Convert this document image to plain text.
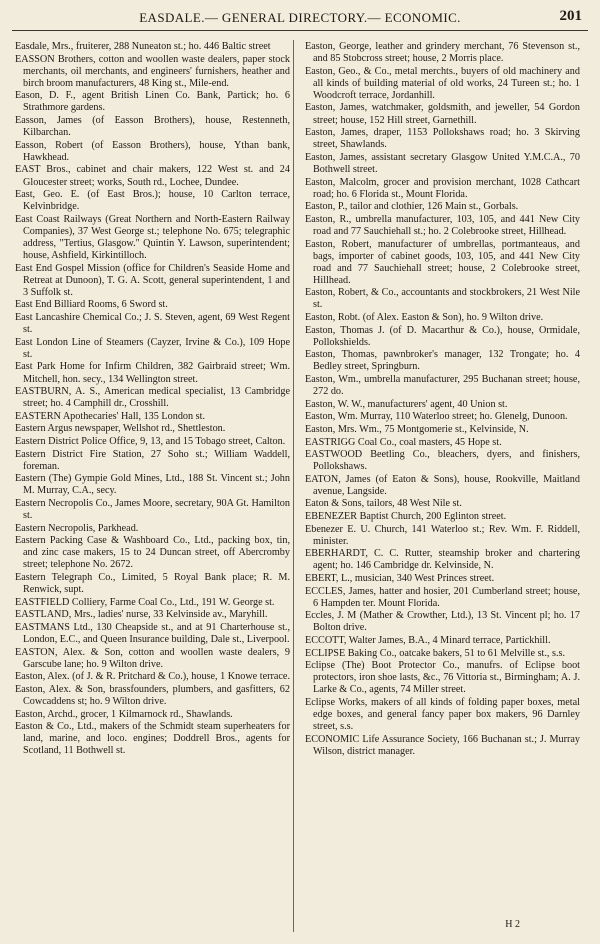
EASDALE.— GENERAL DIRECTORY.— ECONOMIC.	201
Easdale, Mrs., fruiterer, 288 Nuneaton st.; ho. 446 Baltic street
EASSON Brothers, cotton and woollen waste dealers, paper stock merchants, oil merchants, and engineers' furnishers, heather and birch broom manufacturers, 48 King st., Mile-end.
Eason, D. F., agent British Linen Co. Bank, Partick; ho. 6 Strathmore gardens.
Easson, James (of Easson Brothers), house, Restenneth, Kilbarchan.
Easson, Robert (of Easson Brothers), house, Ythan bank, Hawkhead.
EAST Bros., cabinet and chair makers, 122 West st. and 24 Gloucester street; works, South rd., Lochee, Dundee.
East, Geo. E. (of East Bros.); house, 10 Carlton terrace, Kelvinbridge.
East Coast Railways (Great Northern and North-Eastern Railway Companies), 37 West George st.; telephone No. 675; telegraphic address, "Tertius, Glasgow." Quintin Y. Lawson, superintendent; house, Ashfield, Kirkintilloch.
East End Gospel Mission (office for Children's Seaside Home and Retreat at Dunoon), T. G. A. Scott, general superintendent, 1 and 3 Suffolk st.
East End Billiard Rooms, 6 Sword st.
East Lancashire Chemical Co.; J. S. Steven, agent, 69 West Regent st.
East London Line of Steamers (Cayzer, Irvine & Co.), 109 Hope st.
East Park Home for Infirm Children, 382 Gairbraid street; Wm. Mitchell, hon. secy., 134 Wellington street.
EASTBURN, A. S., American medical specialist, 13 Cambridge street; ho. 4 Camphill dr., Crosshill.
EASTERN Apothecaries' Hall, 135 London st.
Eastern Argus newspaper, Wellshot rd., Shettleston.
Eastern District Police Office, 9, 13, and 15 Tobago street, Calton.
Eastern District Fire Station, 27 Soho st.; William Waddell, foreman.
Eastern (The) Gympie Gold Mines, Ltd., 188 St. Vincent st.; John M. Murray, C.A., secy.
Eastern Necropolis Co., James Moore, secretary, 90A Gt. Hamilton st.
Eastern Necropolis, Parkhead.
Eastern Packing Case & Washboard Co., Ltd., packing box, tin, and zinc case makers, 15 to 24 Duncan street, off Abercromby street; telephone No. 2672.
Eastern Telegraph Co., Limited, 5 Royal Bank place; R. M. Renwick, supt.
EASTFIELD Colliery, Farme Coal Co., Ltd., 191 W. George st.
EASTLAND, Mrs., ladies' nurse, 33 Kelvinside av., Maryhill.
EASTMANS Ltd., 130 Cheapside st., and at 91 Charterhouse st., London, E.C., and Queen Insurance building, Dale st., Liverpool.
EASTON, Alex. & Son, cotton and woollen waste dealers, 9 Garscube lane; ho. 9 Wilton drive.
Easton, Alex. (of J. & R. Pritchard & Co.), house, 1 Knowe terrace.
Easton, Alex. & Son, brassfounders, plumbers, and gasfitters, 62 Cowcaddens st; ho. 9 Wilton drive.
Easton, Archd., grocer, 1 Kilmarnock rd., Shawlands.
Easton & Co., Ltd., makers of the Schmidt steam superheaters for land, marine, and loco. engines; Doddrell Bros., agents for Scotland, 11 Bothwell st.
Easton, George, leather and grindery merchant, 76 Stevenson st., and 85 Stobcross street; house, 2 Morris place.
Easton, Geo., & Co., metal merchts., buyers of old machinery and all kinds of building material of old works, 24 Tureen st.; ho. 1 Woodcroft terrace, Jordanhill.
Easton, James, watchmaker, goldsmith, and jeweller, 54 Gordon street; house, 152 Hill street, Garnethill.
Easton, James, draper, 1153 Pollokshaws road; ho. 3 Skirving street, Shawlands.
Easton, James, assistant secretary Glasgow United Y.M.C.A., 70 Bothwell street.
Easton, Malcolm, grocer and provision merchant, 1028 Cathcart road; ho. 6 Florida st., Mount Florida.
Easton, P., tailor and clothier, 126 Main st., Gorbals.
Easton, R., umbrella manufacturer, 103, 105, and 441 New City road and 77 Sauchiehall st.; ho. 2 Colebrooke street, Hillhead.
Easton, Robert, manufacturer of umbrellas, portmanteaus, and bags, importer of cabinet goods, 103, 105, and 441 New City road and 77 Sauchiehall street; house, 2 Colebrooke street, Hillhead.
Easton, Robert, & Co., accountants and stockbrokers, 21 West Nile st.
Easton, Robt. (of Alex. Easton & Son), ho. 9 Wilton drive.
Easton, Thomas J. (of D. Macarthur & Co.), house, Ormidale, Pollokshields.
Easton, Thomas, pawnbroker's manager, 132 Trongate; ho. 4 Bedley street, Springburn.
Easton, Wm., umbrella manufacturer, 295 Buchanan street; house, 272 do.
Easton, W. W., manufacturers' agent, 40 Union st.
Easton, Wm. Murray, 110 Waterloo street; ho. Glenelg, Dunoon.
Easton, Mrs. Wm., 75 Montgomerie st., Kelvinside, N.
EASTRIGG Coal Co., coal masters, 45 Hope st.
EASTWOOD Beetling Co., bleachers, dyers, and finishers, Pollokshaws.
EATON, James (of Eaton & Sons), house, Rookville, Maitland avenue, Langside.
Eaton & Sons, tailors, 48 West Nile st.
EBENEZER Baptist Church, 200 Eglinton street.
Ebenezer E. U. Church, 141 Waterloo st.; Rev. Wm. F. Riddell, minister.
EBERHARDT, C. C. Rutter, steamship broker and chartering agent; ho. 146 Cambridge dr. Kelvinside, N.
EBERT, L., musician, 340 West Princes street.
ECCLES, James, hatter and hosier, 201 Cumberland street; house, 6 Hampden ter. Mount Florida.
Eccles, J. M (Mather & Crowther, Ltd.), 13 St. Vincent pl; ho. 17 Bolton drive.
ECCOTT, Walter James, B.A., 4 Minard terrace, Partickhill.
ECLIPSE Baking Co., oatcake bakers, 51 to 61 Melville st., s.s.
Eclipse (The) Boot Protector Co., manufrs. of Eclipse boot protectors, iron shoe lasts, &c., 76 Vittoria st., Birmingham; A. J. Larke & Co., agents, 74 Miller street.
Eclipse Works, makers of all kinds of folding paper boxes, metal edge boxes, and general fancy paper box makers, 96 Darnley street, s.s.
ECONOMIC Life Assurance Society, 166 Buchanan st.; J. Murray Wilson, district manager.
H 2
